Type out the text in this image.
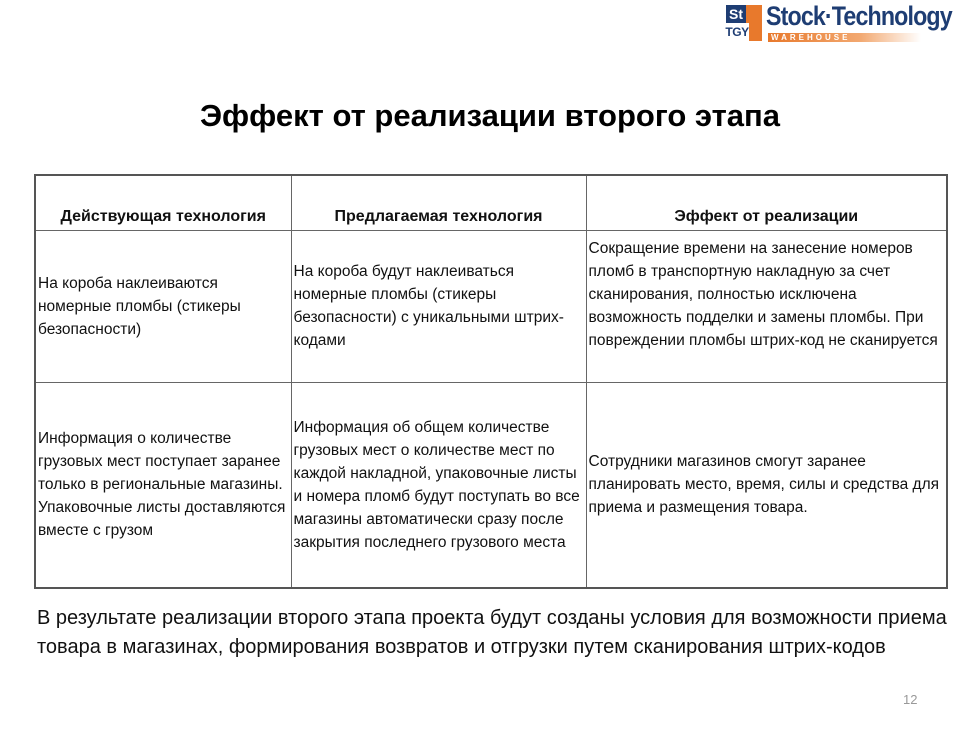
St
TGY
Stock·Technology
WAREHOUSE
Эффект от реализации второго этапа
Действующая технология	Предлагаемая технология	Эффект от реализации
На короба наклеиваются номерные пломбы (стикеры безопасности)	На короба будут наклеиваться номерные пломбы (стикеры безопасности) с уникальными штрих-кодами	Сокращение времени на занесение номеров пломб в транспортную накладную за счет сканирования, полностью исключена возможность подделки и замены пломбы. При повреждении пломбы штрих-код не сканируется
Информация о количестве грузовых мест поступает заранее только в региональные магазины. Упаковочные листы доставляются вместе с грузом	Информация об общем количестве грузовых мест о количестве мест по каждой накладной, упаковочные листы и номера пломб будут поступать во все магазины автоматически сразу после закрытия последнего грузового места	Сотрудники магазинов смогут заранее планировать место, время, силы и средства для приема и размещения товара.
В результате реализации второго этапа проекта будут созданы условия для возможности приема товара в магазинах, формирования возвратов и отгрузки путем сканирования штрих-кодов
12
